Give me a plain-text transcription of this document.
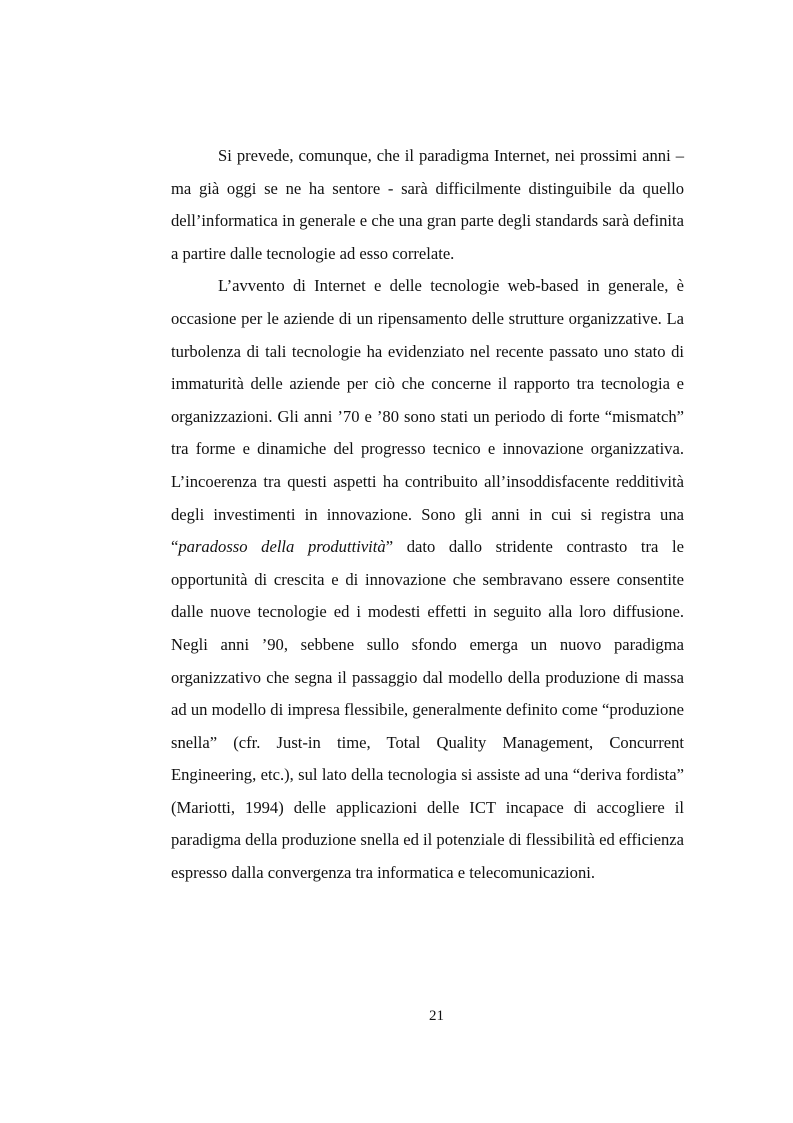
Si prevede, comunque, che il paradigma Internet, nei prossimi anni – ma già oggi se ne ha sentore - sarà difficilmente distinguibile da quello dell’informatica in generale e che una gran parte degli standards sarà definita a partire dalle tecnologie ad esso correlate.

L’avvento di Internet e delle tecnologie web-based in generale, è occasione per le aziende di un ripensamento delle strutture organizzative. La turbolenza di tali tecnologie ha evidenziato nel recente passato uno stato di immaturità delle aziende per ciò che concerne il rapporto tra tecnologia e organizzazioni. Gli anni ’70 e ’80 sono stati un periodo di forte “mismatch” tra forme e dinamiche del progresso tecnico e innovazione organizzativa. L’incoerenza tra questi aspetti ha contribuito all’insoddisfacente redditività degli investimenti in innovazione. Sono gli anni in cui si registra una “paradosso della produttività” dato dallo stridente contrasto tra le opportunità di crescita e di innovazione che sembravano essere consentite dalle nuove tecnologie ed i modesti effetti in seguito alla loro diffusione. Negli anni ’90, sebbene sullo sfondo emerga un nuovo paradigma organizzativo che segna il passaggio dal modello della produzione di massa ad un modello di impresa flessibile, generalmente definito come “produzione snella” (cfr. Just-in time, Total Quality Management, Concurrent Engineering, etc.), sul lato della tecnologia si assiste ad una “deriva fordista” (Mariotti, 1994) delle applicazioni delle ICT incapace di accogliere il paradigma della produzione snella ed il potenziale di flessibilità ed efficienza espresso dalla convergenza tra informatica e telecomunicazioni.

21
